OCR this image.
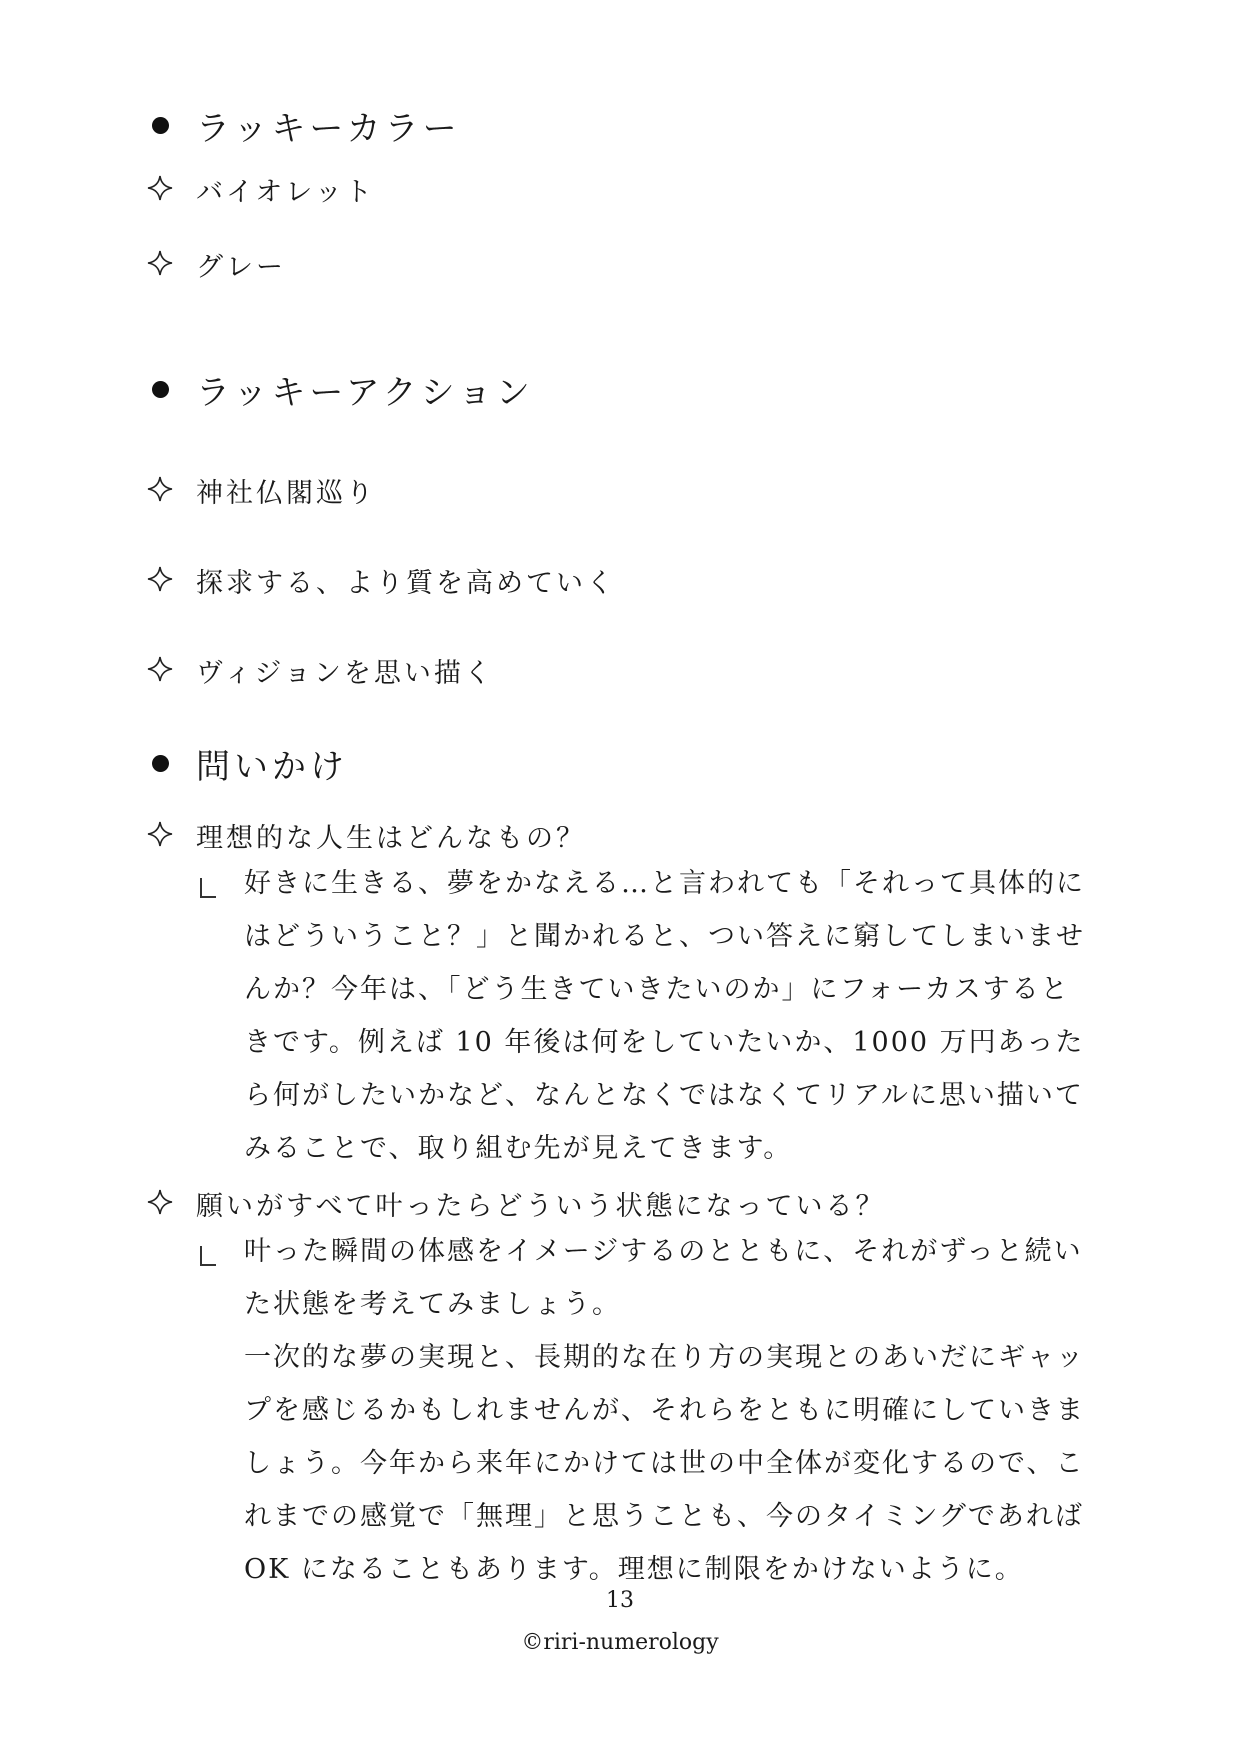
ラッキーカラー
バイオレット
グレー
ラッキーアクション
神社仏閣巡り
探求する、より質を高めていく
ヴィジョンを思い描く
問いかけ
理想的な人生はどんなもの？

好きに生きる、夢をかなえる…と言われても「それって具体的にはどういうこと？」と聞かれると、つい答えに窮してしまいませんか？今年は、「どう生きていきたいのか」にフォーカスするときです。例えば 10 年後は何をしていたいか、1000 万円あったら何がしたいかなど、なんとなくではなくてリアルに思い描いてみることで、取り組む先が見えてきます。

願いがすべて叶ったらどういう状態になっている？

叶った瞬間の体感をイメージするのとともに、それがずっと続いた状態を考えてみましょう。

一次的な夢の実現と、長期的な在り方の実現とのあいだにギャップを感じるかもしれませんが、それらをともに明確にしていきましょう。今年から来年にかけては世の中全体が変化するので、これまでの感覚で「無理」と思うことも、今のタイミングであれば OK になることもあります。理想に制限をかけないように。

13
©riri-numerology
